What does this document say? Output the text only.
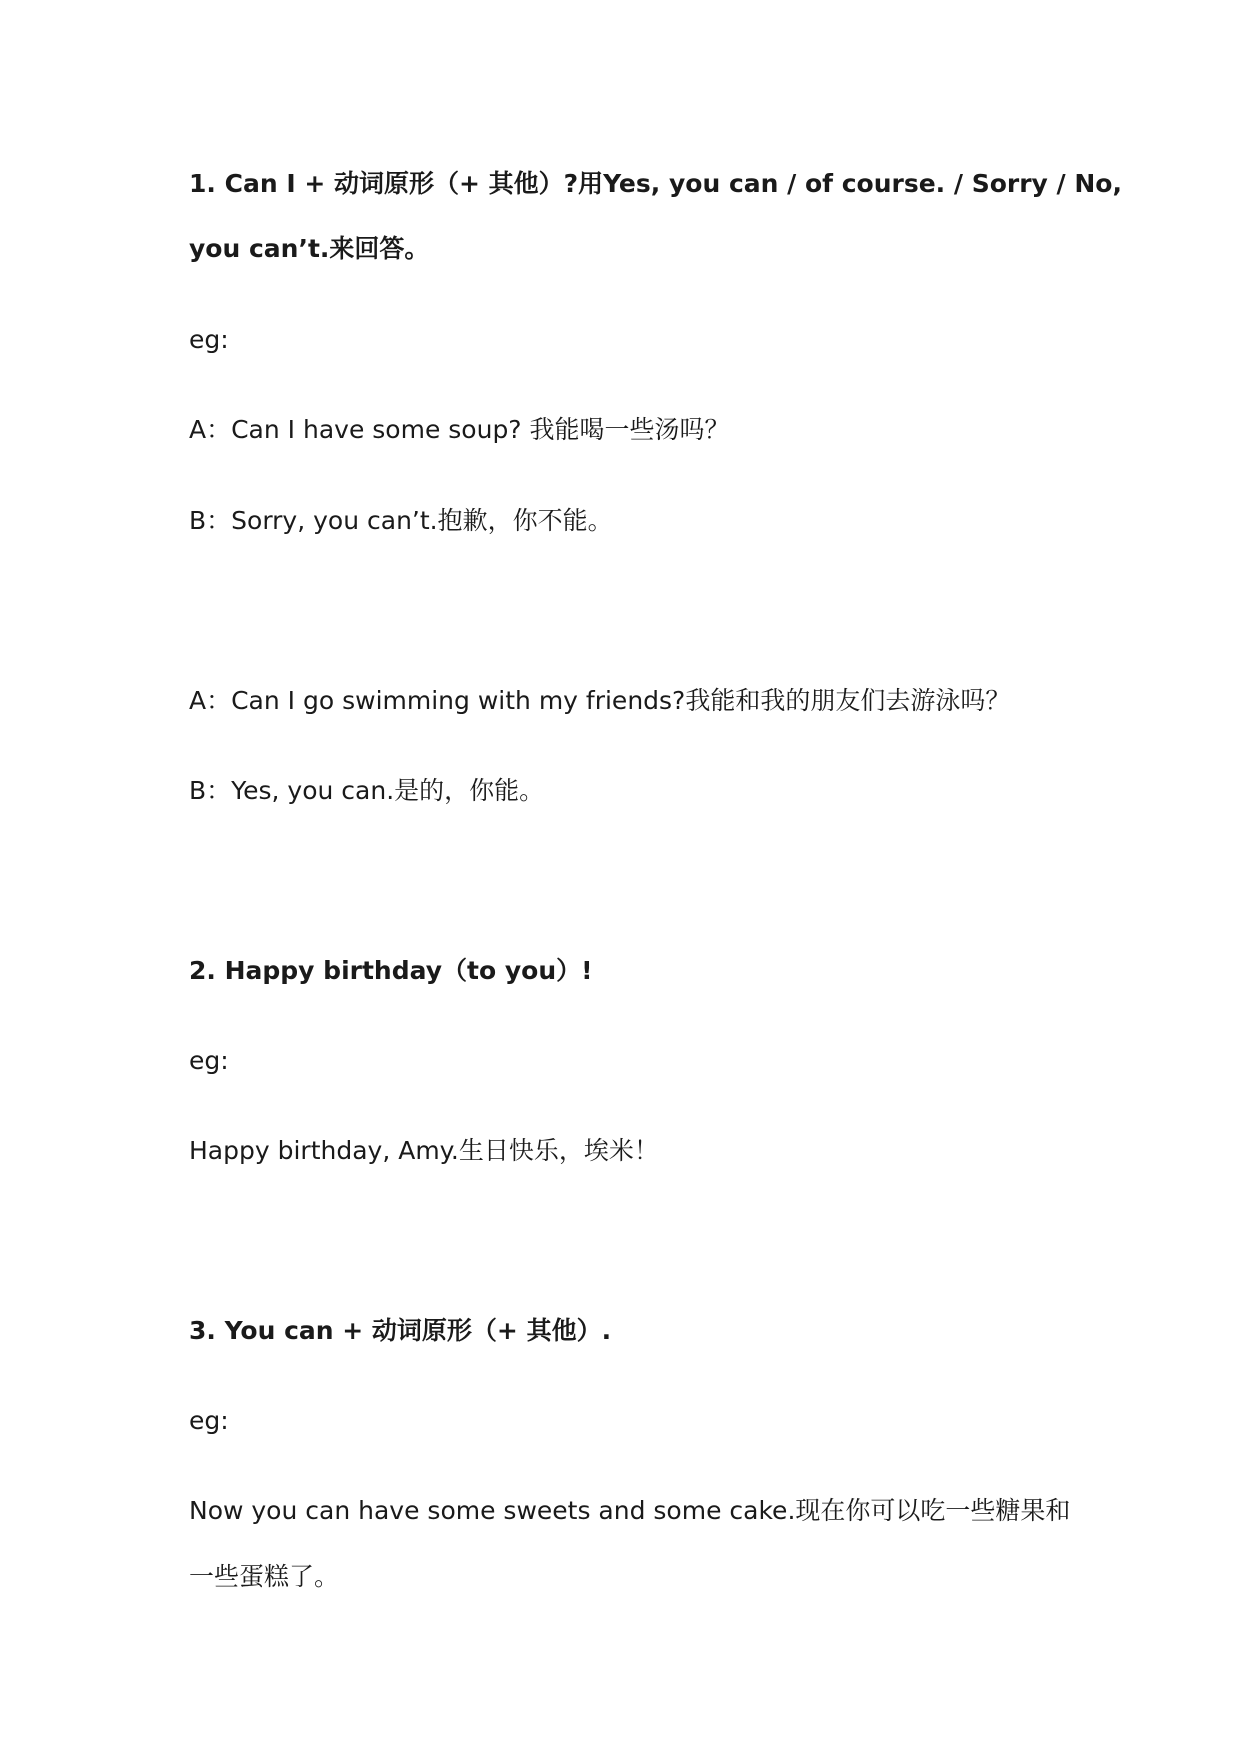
1. Can I + 动词原形（+ 其他）?用Yes, you can / of course. / Sorry / No,
you can’t.来回答。
eg:
A：Can I have some soup? 我能喝一些汤吗？
B：Sorry, you can’t.抱歉，你不能。
A：Can I go swimming with my friends?我能和我的朋友们去游泳吗？
B：Yes, you can.是的，你能。
2. Happy birthday（to you）!
eg:
Happy birthday, Amy.生日快乐，埃米！
3. You can + 动词原形（+ 其他）.
eg:
Now you can have some sweets and some cake.现在你可以吃一些糖果和
一些蛋糕了。
